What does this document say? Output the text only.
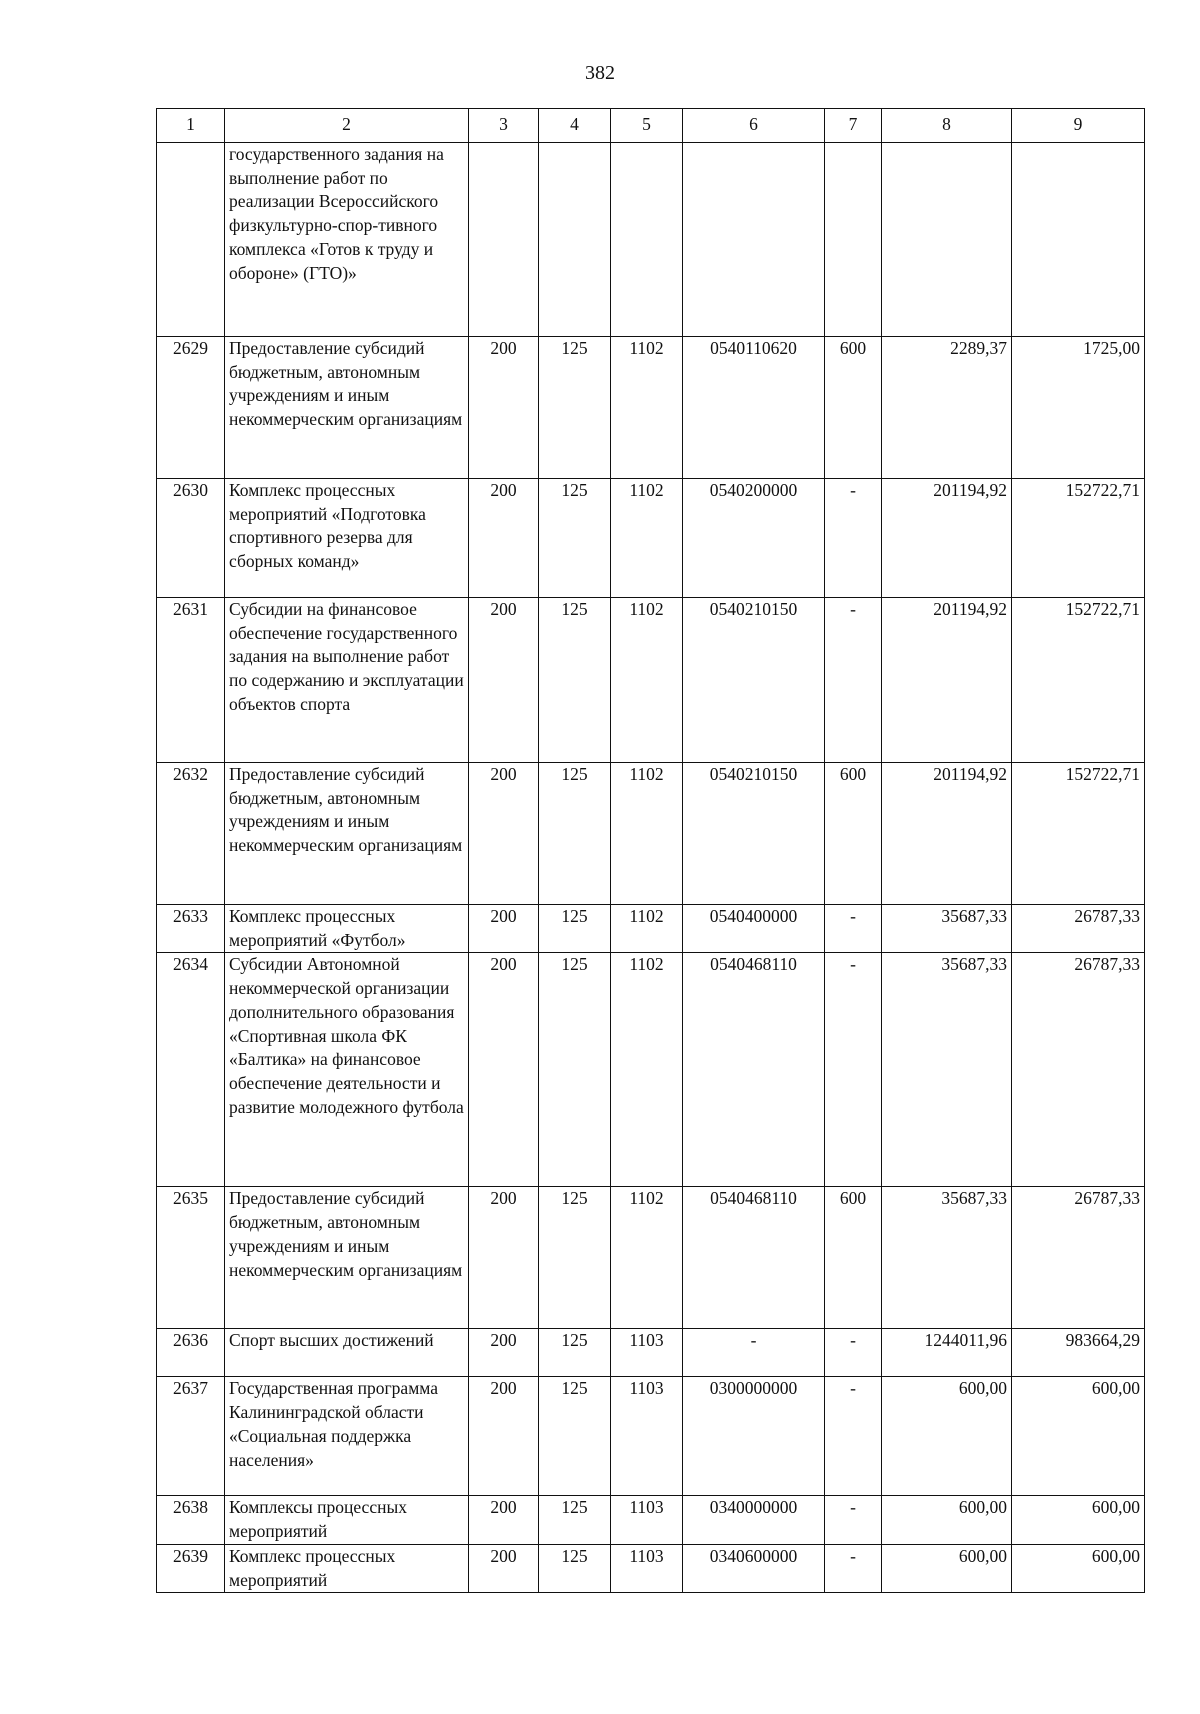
382
1	2	3	4	5	6	7	8	9
	государственного задания на выполнение работ по реализации Всероссийского физкультурно-спор-тивного комплекса «Готов к труду и обороне» (ГТО)»							
2629	Предоставление субсидий бюджетным, автономным учреждениям и иным некоммерческим организациям	200	125	1102	0540110620	600	2289,37	1725,00
2630	Комплекс процессных мероприятий «Подготовка спортивного резерва для сборных команд»	200	125	1102	0540200000	-	201194,92	152722,71
2631	Субсидии на финансовое обеспечение государственного задания на выполнение работ по содержанию и эксплуатации объектов спорта	200	125	1102	0540210150	-	201194,92	152722,71
2632	Предоставление субсидий бюджетным, автономным учреждениям и иным некоммерческим организациям	200	125	1102	0540210150	600	201194,92	152722,71
2633	Комплекс процессных мероприятий «Футбол»	200	125	1102	0540400000	-	35687,33	26787,33
2634	Субсидии Автономной некоммерческой организации дополнительного образования «Спортивная школа ФК «Балтика» на финансовое обеспечение деятельности и развитие молодежного футбола	200	125	1102	0540468110	-	35687,33	26787,33
2635	Предоставление субсидий бюджетным, автономным учреждениям и иным некоммерческим организациям	200	125	1102	0540468110	600	35687,33	26787,33
2636	Спорт высших достижений	200	125	1103	-	-	1244011,96	983664,29
2637	Государственная программа Калининградской области «Социальная поддержка населения»	200	125	1103	0300000000	-	600,00	600,00
2638	Комплексы процессных мероприятий	200	125	1103	0340000000	-	600,00	600,00
2639	Комплекс процессных мероприятий	200	125	1103	0340600000	-	600,00	600,00
